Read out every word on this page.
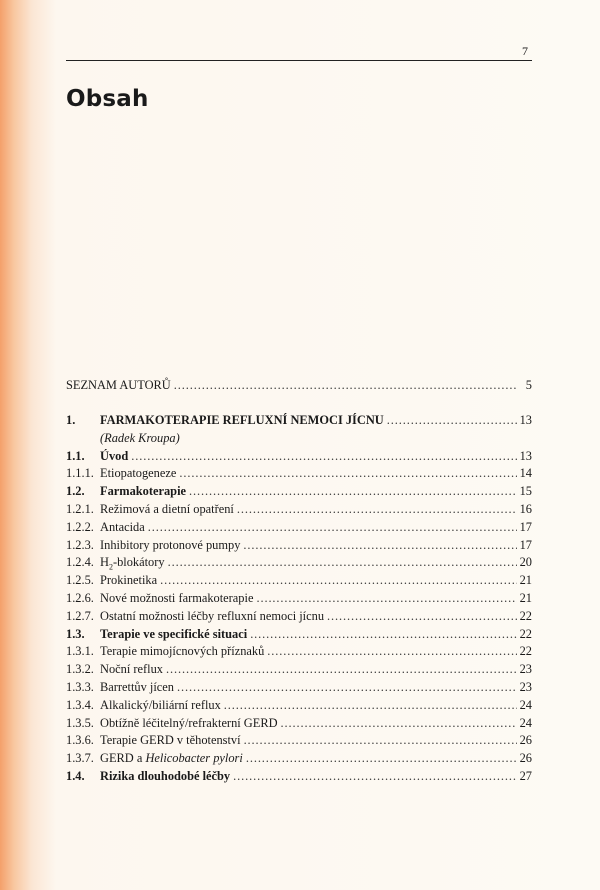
7
Obsah
SEZNAM AUTORŮ . . .	5
1.	FARMAKOTERAPIE REFLUXNÍ NEMOCI JÍCNU . . .	13
(Radek Kroupa)
1.1.	Úvod . . .	13
1.1.1. Etiopatogeneze . . .	14
1.2.	Farmakoterapie . . .	15
1.2.1. Režimová a dietní opatření . . .	16
1.2.2. Antacida . . .	17
1.2.3. Inhibitory protonové pumpy . . .	17
1.2.4. $H_2$-blokátory . . .	20
1.2.5. Prokinetika . . .	21
1.2.6. Nové možnosti farmakoterapie . . .	21
1.2.7. Ostatní možnosti léčby refluxní nemoci jícnu . . .	22
1.3.	Terapie ve specifické situaci . . .	22
1.3.1. Terapie mimojícnových příznaků . . .	22
1.3.2. Noční reflux . . .	23
1.3.3. Barrettův jícen . . .	23
1.3.4. Alkalický/biliární reflux . . .	24
1.3.5. Obtížně léčitelný/refrakterní GERD . . .	24
1.3.6. Terapie GERD v těhotenství . . .	26
1.3.7. GERD a Helicobacter pylori . . .	26
1.4.	Rizika dlouhodobé léčby . . .	27
